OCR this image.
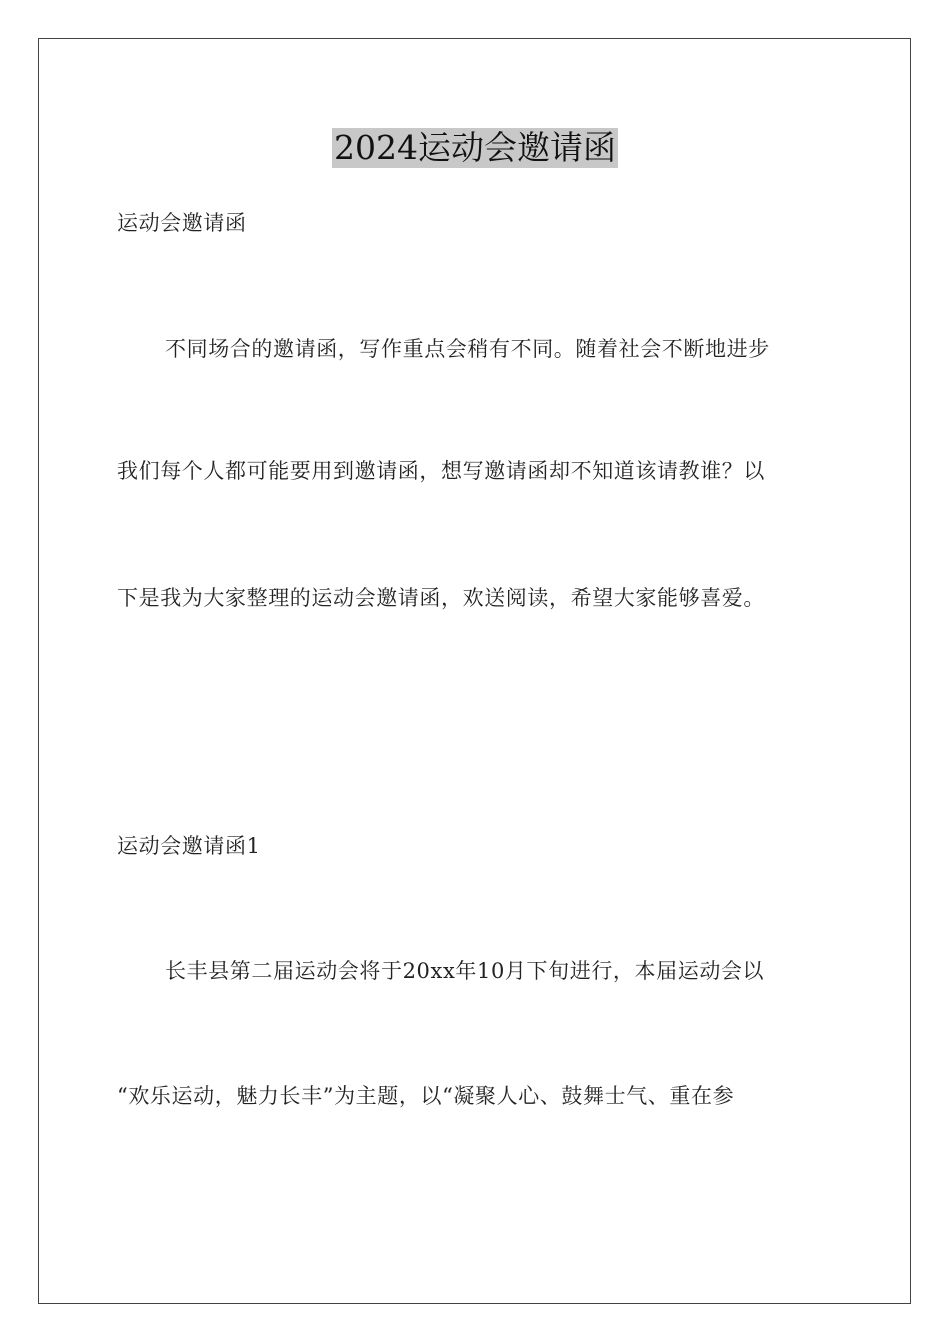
2024运动会邀请函
运动会邀请函
不同场合的邀请函，写作重点会稍有不同。随着社会不断地进步
我们每个人都可能要用到邀请函，想写邀请函却不知道该请教谁？以
下是我为大家整理的运动会邀请函，欢送阅读，希望大家能够喜爱。
运动会邀请函1
长丰县第二届运动会将于20xx年10月下旬进行，本届运动会以
“欢乐运动，魅力长丰”为主题，以“凝聚人心、鼓舞士气、重在参
